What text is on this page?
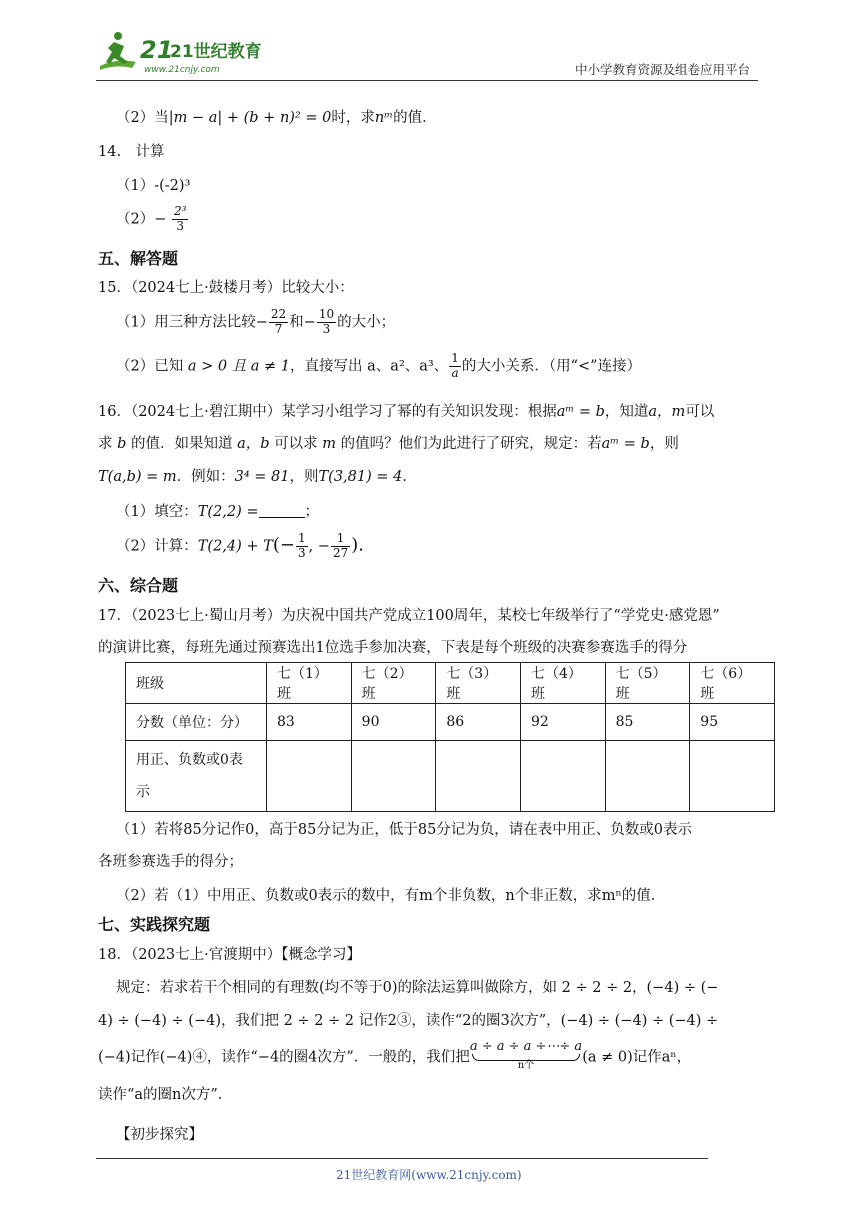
21
21世纪教育
www.21cnjy.com	中小学教育资源及组卷应用平台
（2）当|m − a| + (b + n)² = 0时，求nᵐ的值．
14.　计算
（1）-(-2)³
$(2)- \frac{\text{2³}}{3}$
五、解答题
15．（2024七上·鼓楼月考）比较大小：
（1）用三种方法比较− $\frac{22}{7}$ 和− $\frac{10}{3}$ 的大小；
（2）已知 a > 0 且 a ≠ 1，直接写出 a、a²、a³、 $\frac{1}{a}$ 的大小关系．（用“<”连接）
16．（2024七上·碧江期中）某学习小组学习了幂的有关知识发现：根据aᵐ = b，知道a，m可以
求 b 的值．如果知道 a，b 可以求 m 的值吗？他们为此进行了研究，规定：若aᵐ = b，则
T(a,b) = m．例如：3⁴ = 81，则T(3,81) = 4．
（1）填空：T(2,2) =	；
（2）计算：$T(2,4) + T(- \frac{1}{3}$ , − $\frac{1}{27}$ ).
六、综合题
17．（2023七上·蜀山月考）为庆祝中国共产党成立100周年，某校七年级举行了“学党史·感党恩”
的演讲比赛，每班先通过预赛选出1位选手参加决赛，下表是每个班级的决赛参赛选手的得分
班级	七（1）班	七（2）班	七（3）班	七（4）班	七（5）班	七（6）班
分数（单位：分）	83	90	86	92	85	95
用正、负数或0表示						
（1）若将85分记作0，高于85分记为正，低于85分记为负，请在表中用正、负数或0表示
各班参赛选手的得分；
（2）若（1）中用正、负数或0表示的数中，有m个非负数，n个非正数，求mⁿ的值．
七、实践探究题
18．（2023七上·官渡期中）【概念学习】
规定：若求若干个相同的有理数(均不等于0)的除法运算叫做除方，如 2 ÷ 2 ÷ 2，(−4) ÷ (−
4) ÷ (−4) ÷ (−4)，我们把 2 ÷ 2 ÷ 2 记作2③，读作“2的圈3次方”，(−4) ÷ (−4) ÷ (−4) ÷
(−4)记作(−4)④，读作“−4的圈4次方”．一般的，我们把
a ÷ a ÷ a ÷⋯÷ a
n个	(a ≠ 0)记作aⁿ，
读作“a的圈n次方”．
【初步探究】
21世纪教育网(www.21cnjy.com)
